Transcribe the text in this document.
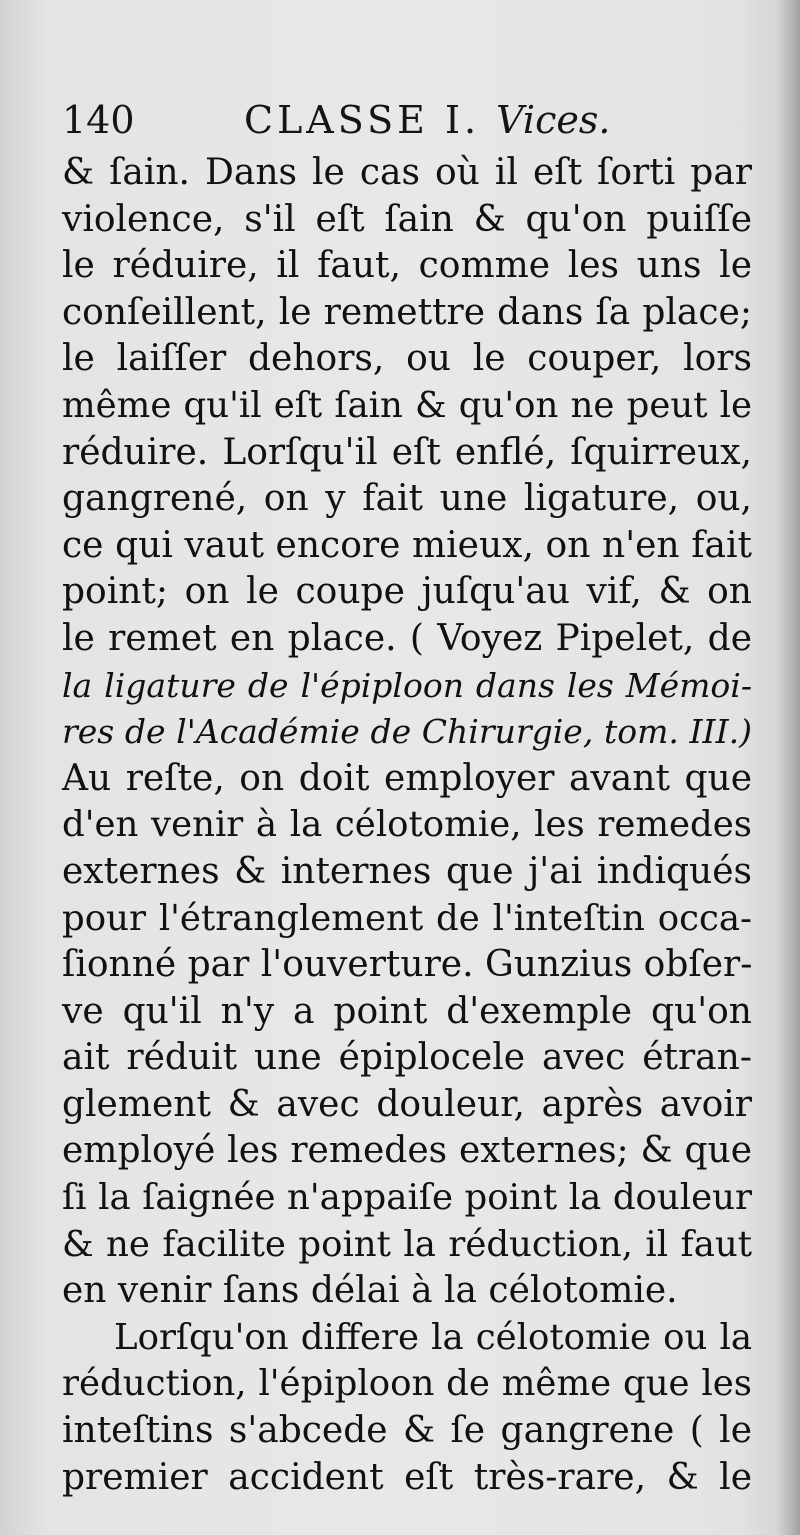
140	CLASSE I. Vices.
& ſain. Dans le cas où il eſt ſorti par
violence, s'il eſt ſain & qu'on puiſſe
le réduire, il faut, comme les uns le
conſeillent, le remettre dans ſa place;
le laiſſer dehors, ou le couper, lors
même qu'il eſt ſain & qu'on ne peut le
réduire. Lorſqu'il eſt enflé, ſquirreux,
gangrené, on y fait une ligature, ou,
ce qui vaut encore mieux, on n'en fait
point; on le coupe juſqu'au vif, & on
le remet en place. ( Voyez Pipelet, de
la ligature de l'épiploon dans les Mémoi-
res de l'Académie de Chirurgie, tom. III.)
Au reſte, on doit employer avant que
d'en venir à la célotomie, les remedes
externes & internes que j'ai indiqués
pour l'étranglement de l'inteſtin occa-
ſionné par l'ouverture. Gunzius obſer-
ve qu'il n'y a point d'exemple qu'on
ait réduit une épiplocele avec étran-
glement & avec douleur, après avoir
employé les remedes externes; & que
ſi la ſaignée n'appaiſe point la douleur
& ne facilite point la réduction, il faut
en venir ſans délai à la célotomie.
Lorſqu'on differe la célotomie ou la
réduction, l'épiploon de même que les
inteſtins s'abcede & ſe gangrene ( le
premier accident eſt très-rare, & le
